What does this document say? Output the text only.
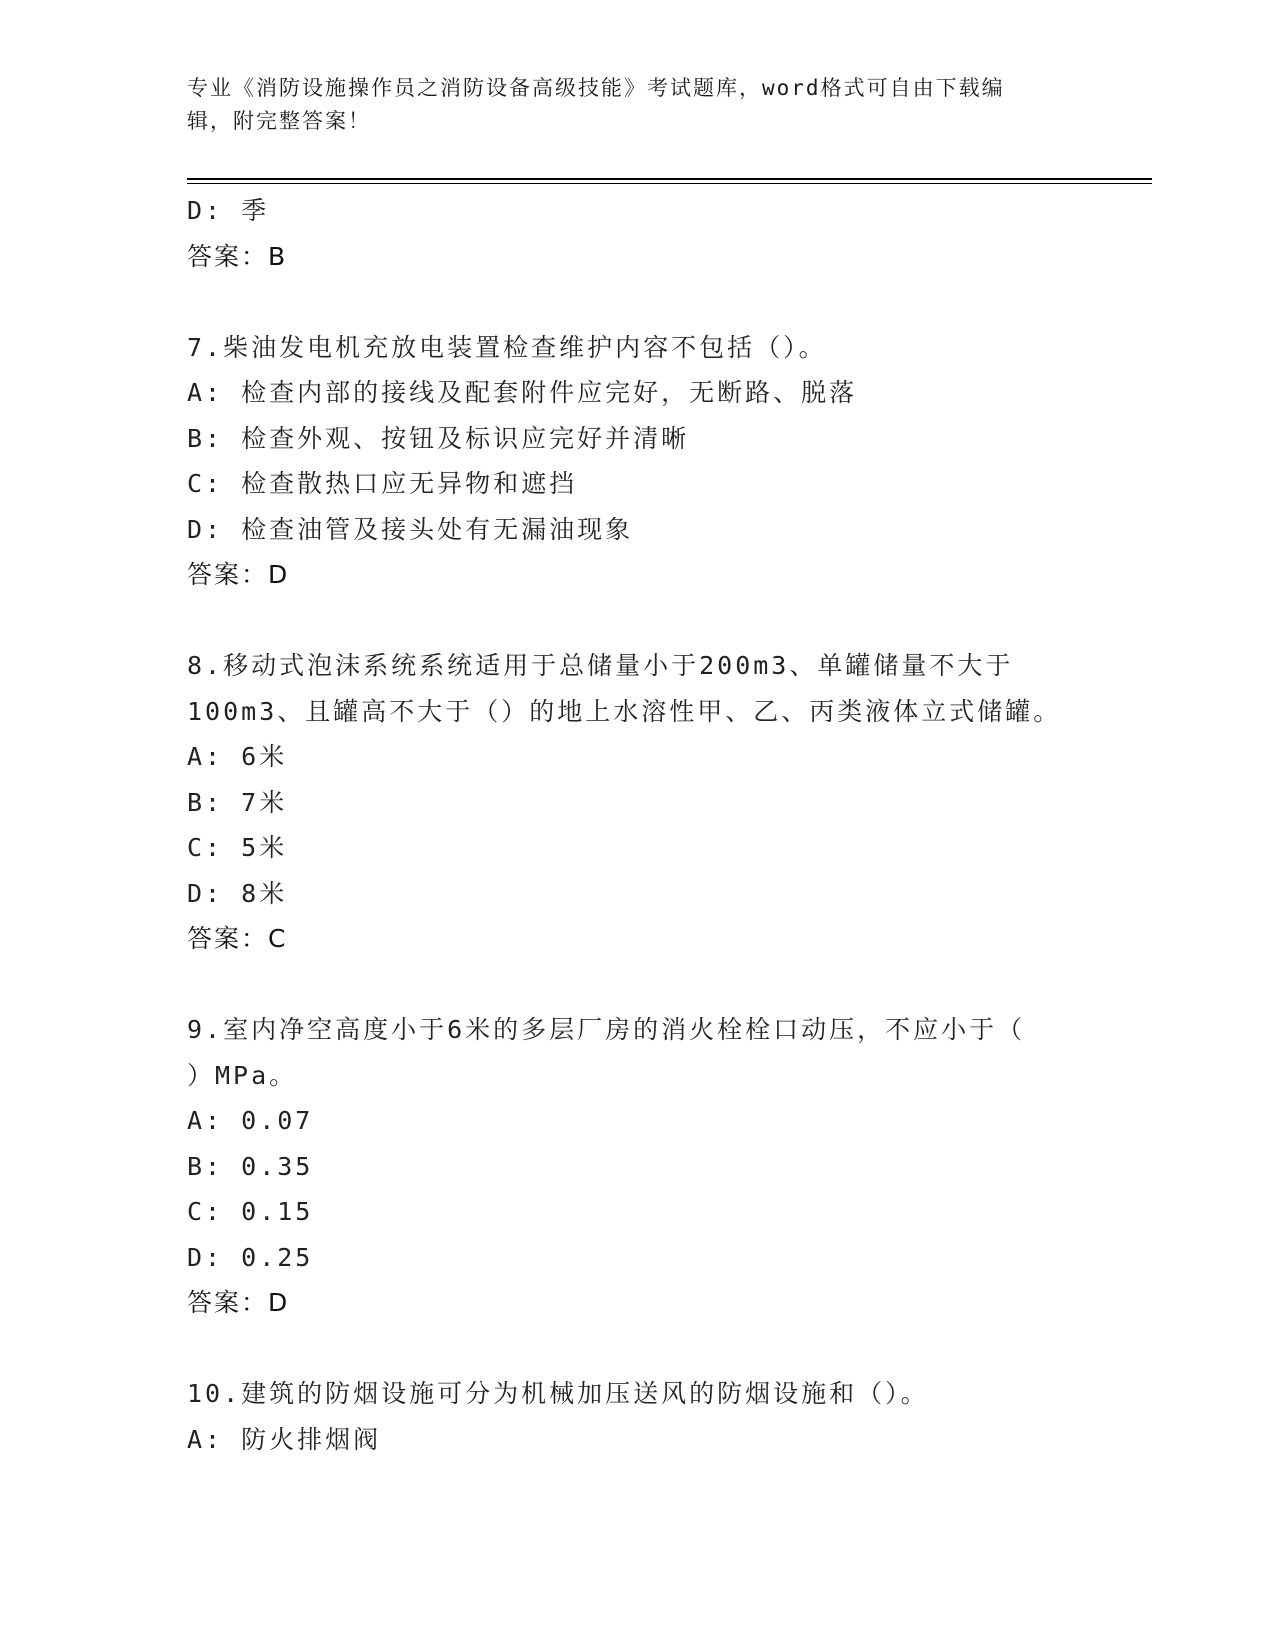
专业《消防设施操作员之消防设备高级技能》考试题库，word格式可自由下载编
辑，附完整答案！
D: 季
答案：B
7.柴油发电机充放电装置检查维护内容不包括（）。
A: 检查内部的接线及配套附件应完好，无断路、脱落
B: 检查外观、按钮及标识应完好并清晰
C: 检查散热口应无异物和遮挡
D: 检查油管及接头处有无漏油现象
答案：D
8.移动式泡沫系统系统适用于总储量小于200m3、单罐储量不大于
100m3、且罐高不大于（）的地上水溶性甲、乙、丙类液体立式储罐。
A: 6米
B: 7米
C: 5米
D: 8米
答案：C
9.室内净空高度小于6米的多层厂房的消火栓栓口动压，不应小于（
）MPa。
A: 0.07
B: 0.35
C: 0.15
D: 0.25
答案：D
10.建筑的防烟设施可分为机械加压送风的防烟设施和（）。
A: 防火排烟阀
